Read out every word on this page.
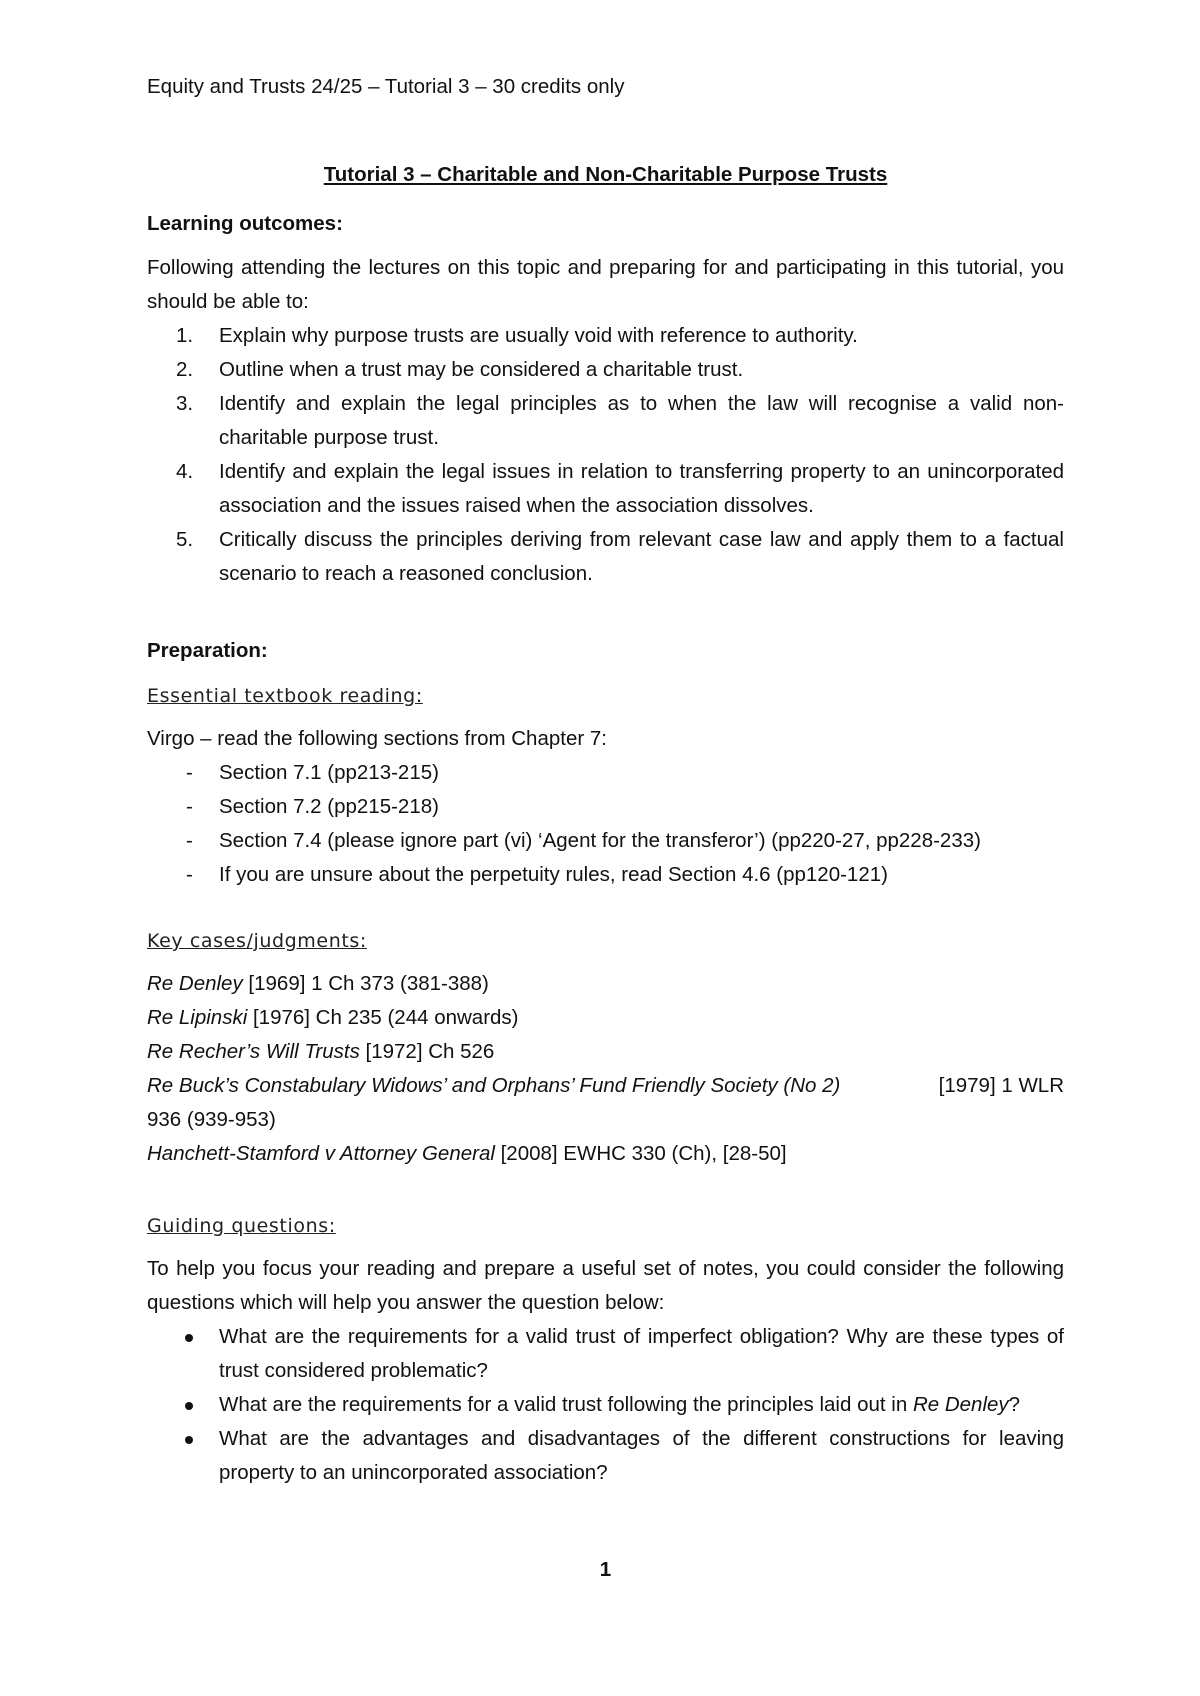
Equity and Trusts 24/25 – Tutorial 3 – 30 credits only
Tutorial 3 – Charitable and Non-Charitable Purpose Trusts
Learning outcomes:
Following attending the lectures on this topic and preparing for and participating in this tutorial, you should be able to:
1. Explain why purpose trusts are usually void with reference to authority.
2. Outline when a trust may be considered a charitable trust.
3. Identify and explain the legal principles as to when the law will recognise a valid non-charitable purpose trust.
4. Identify and explain the legal issues in relation to transferring property to an unincorporated association and the issues raised when the association dissolves.
5. Critically discuss the principles deriving from relevant case law and apply them to a factual scenario to reach a reasoned conclusion.
Preparation:
Essential textbook reading:
Virgo – read the following sections from Chapter 7:
- Section 7.1 (pp213-215)
- Section 7.2 (pp215-218)
- Section 7.4 (please ignore part (vi) ‘Agent for the transferor’) (pp220-27, pp228-233)
- If you are unsure about the perpetuity rules, read Section 4.6 (pp120-121)
Key cases/judgments:
Re Denley [1969] 1 Ch 373 (381-388)
Re Lipinski [1976] Ch 235 (244 onwards)
Re Recher’s Will Trusts [1972] Ch 526
Re Buck’s Constabulary Widows’ and Orphans’ Fund Friendly Society (No 2)	[1979] 1 WLR
936 (939-953)
Hanchett-Stamford v Attorney General [2008] EWHC 330 (Ch), [28-50]
Guiding questions:
To help you focus your reading and prepare a useful set of notes, you could consider the following questions which will help you answer the question below:
What are the requirements for a valid trust of imperfect obligation? Why are these types of trust considered problematic?
What are the requirements for a valid trust following the principles laid out in Re Denley?
What are the advantages and disadvantages of the different constructions for leaving property to an unincorporated association?
1
